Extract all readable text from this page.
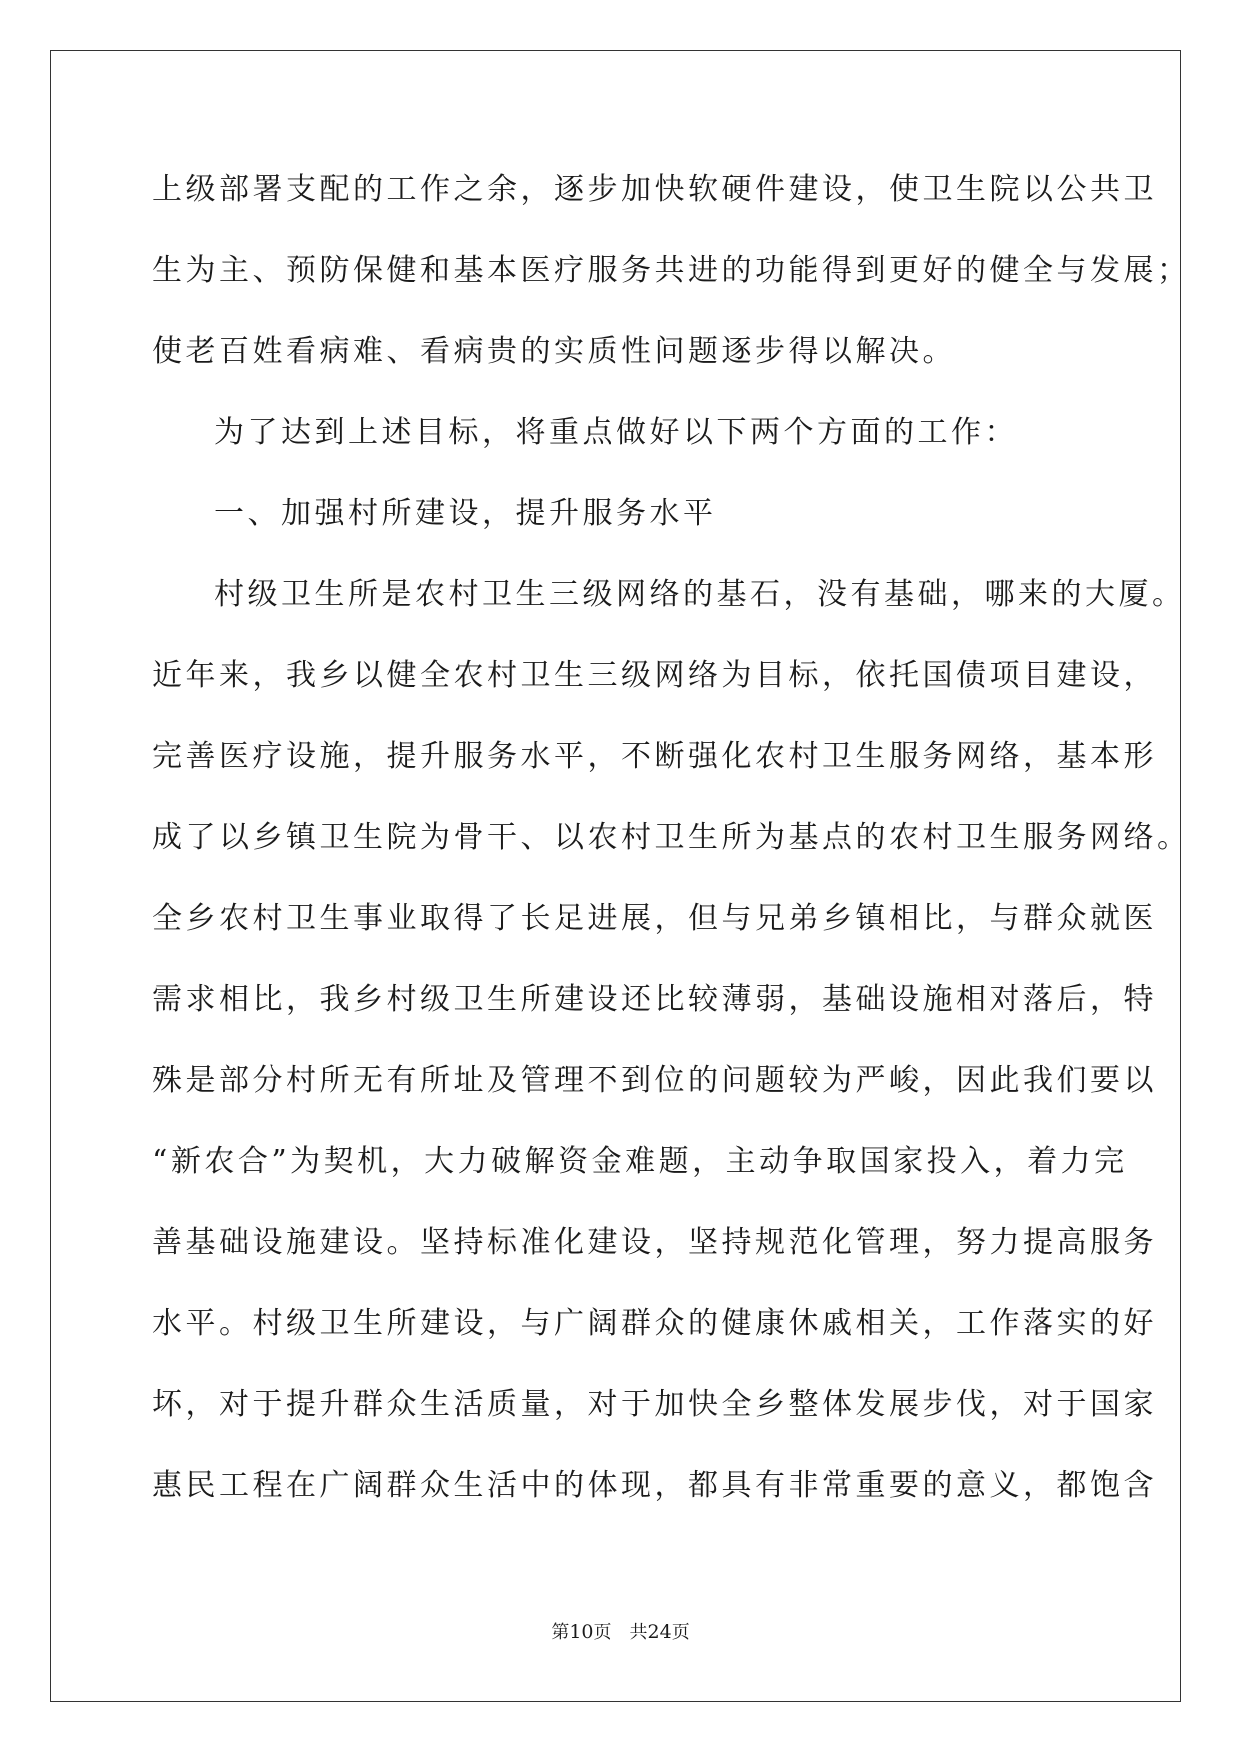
上级部署支配的工作之余，逐步加快软硬件建设，使卫生院以公共卫
生为主、预防保健和基本医疗服务共进的功能得到更好的健全与发展；
使老百姓看病难、看病贵的实质性问题逐步得以解决。
为了达到上述目标，将重点做好以下两个方面的工作：
一、加强村所建设，提升服务水平
村级卫生所是农村卫生三级网络的基石，没有基础，哪来的大厦。
近年来，我乡以健全农村卫生三级网络为目标，依托国债项目建设，
完善医疗设施，提升服务水平，不断强化农村卫生服务网络，基本形
成了以乡镇卫生院为骨干、以农村卫生所为基点的农村卫生服务网络。
全乡农村卫生事业取得了长足进展，但与兄弟乡镇相比，与群众就医
需求相比，我乡村级卫生所建设还比较薄弱，基础设施相对落后，特
殊是部分村所无有所址及管理不到位的问题较为严峻，因此我们要以
“新农合”为契机，大力破解资金难题，主动争取国家投入，着力完
善基础设施建设。坚持标准化建设，坚持规范化管理，努力提高服务
水平。村级卫生所建设，与广阔群众的健康休戚相关，工作落实的好
坏，对于提升群众生活质量，对于加快全乡整体发展步伐，对于国家
惠民工程在广阔群众生活中的体现，都具有非常重要的意义，都饱含
第10页　共24页
